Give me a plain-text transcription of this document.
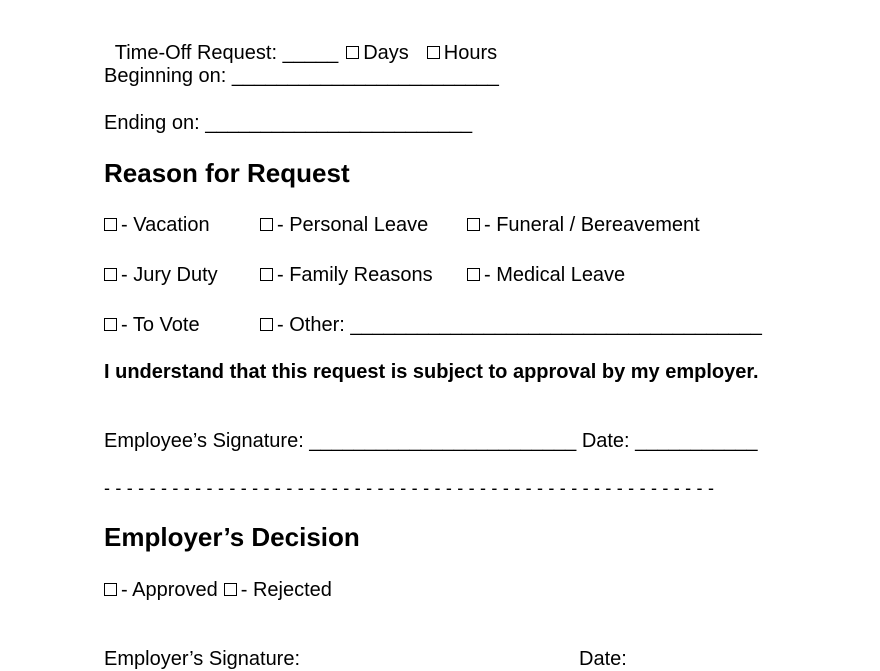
Time-Off Request: _____ Days Hours

Beginning on: ________________________
Ending on: ________________________
Reason for Request
- Vacation	- Personal Leave	- Funeral / Bereavement
- Jury Duty	- Family Reasons	- Medical Leave
- To Vote	- Other: _____________________________________
I understand that this request is subject to approval by my employer.
Employee’s Signature: ________________________ Date: ___________
- - - - - - - - - - - - - - - - - - - - - - - - - - - - - - - - - - - - - - - - - - - - - - - - - - - - - -
Employer’s Decision
- Approved - Rejected
Employer’s Signature:	Date:
